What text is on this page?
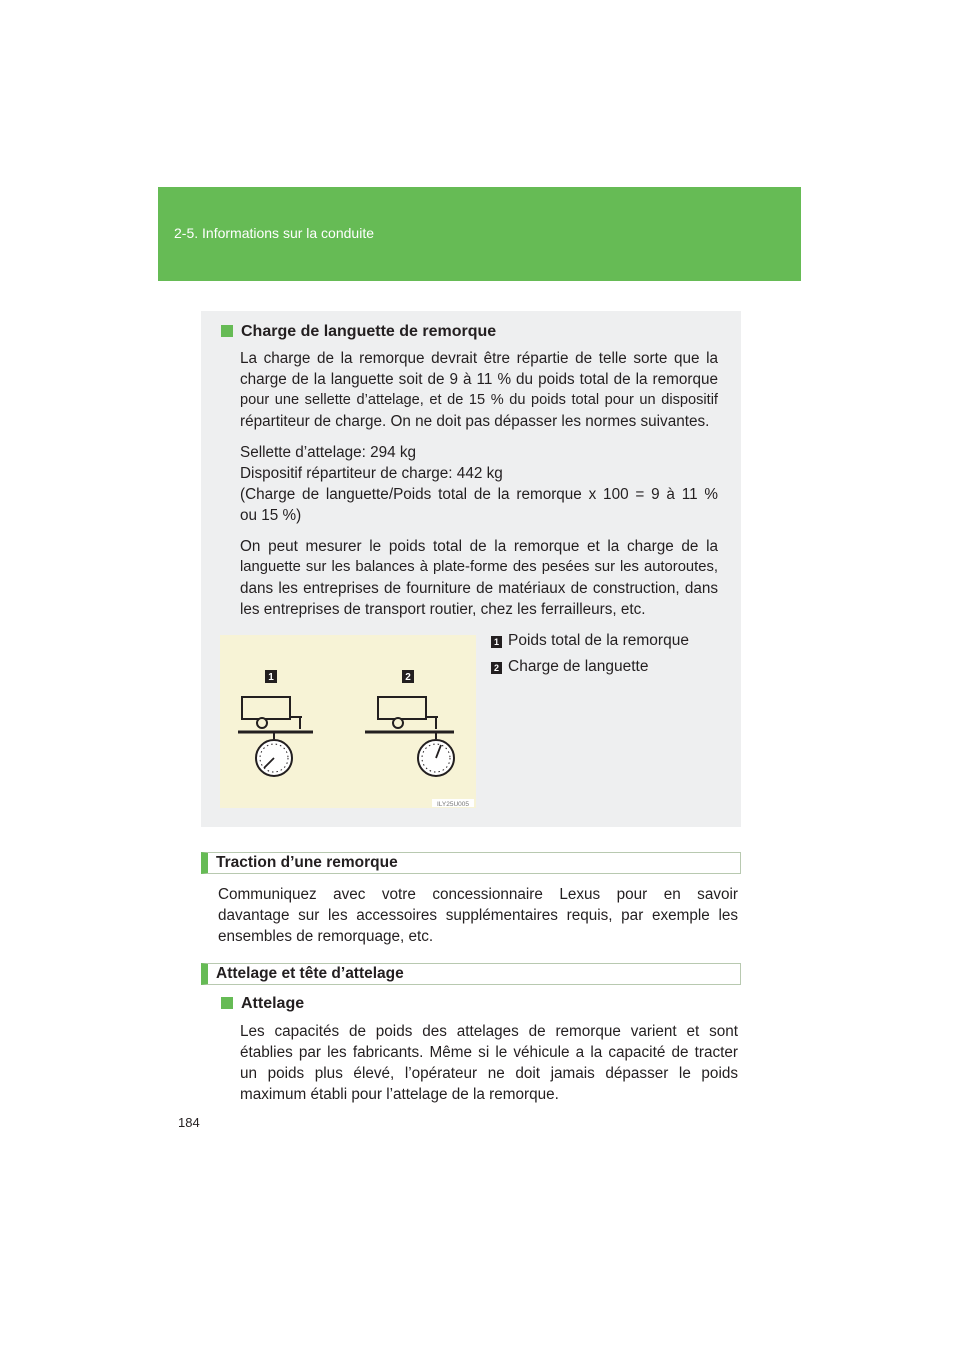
2-5. Informations sur la conduite
Charge de languette de remorque

La charge de la remorque devrait être répartie de telle sorte que la

charge de la languette soit de 9 à 11 % du poids total de la remorque

pour une sellette d’attelage, et de 15 % du poids total pour un dispositif

répartiteur de charge. On ne doit pas dépasser les normes suivantes.

Sellette d’attelage: 294 kg

Dispositif répartiteur de charge: 442 kg

(Charge de languette/Poids total de la remorque x 100 = 9 à 11 %

ou 15 %)

On peut mesurer le poids total de la remorque et la charge de la

languette sur les balances à plate-forme des pesées sur les autoroutes,

dans les entreprises de fourniture de matériaux de construction, dans

les entreprises de transport routier, chez les ferrailleurs, etc.

1	2
ILY25U005
1 Poids total de la remorque
2 Charge de languette
Traction d’une remorque

Communiquez avec votre concessionnaire Lexus pour en savoir

davantage sur les accessoires supplémentaires requis, par exemple les

ensembles de remorquage, etc.

Attelage et tête d’attelage
Attelage

Les capacités de poids des attelages de remorque varient et sont

établies par les fabricants. Même si le véhicule a la capacité de tracter

un poids plus élevé, l’opérateur ne doit jamais dépasser le poids

maximum établi pour l’attelage de la remorque.

184
